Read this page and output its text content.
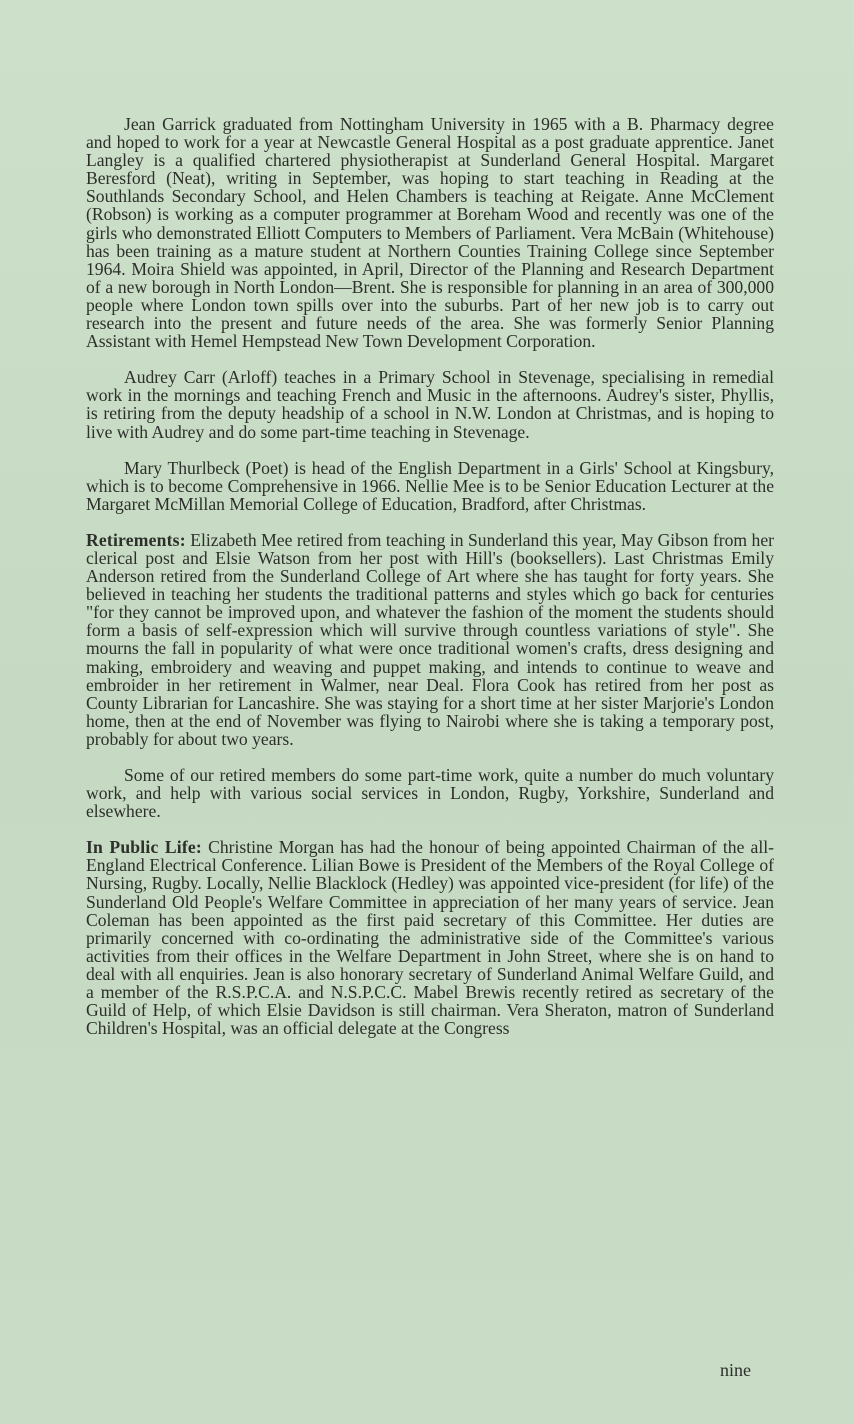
Jean Garrick graduated from Nottingham University in 1965 with a B. Pharmacy degree and hoped to work for a year at Newcastle General Hospital as a post graduate apprentice. Janet Langley is a qualified chartered physiotherapist at Sunderland General Hospital. Margaret Beresford (Neat), writing in September, was hoping to start teaching in Reading at the Southlands Secondary School, and Helen Chambers is teaching at Reigate. Anne McClement (Robson) is working as a computer programmer at Boreham Wood and recently was one of the girls who demonstrated Elliott Computers to Members of Parliament. Vera McBain (Whitehouse) has been training as a mature student at Northern Counties Training College since September 1964. Moira Shield was appointed, in April, Director of the Planning and Research Department of a new borough in North London—Brent. She is responsible for planning in an area of 300,000 people where London town spills over into the suburbs. Part of her new job is to carry out research into the present and future needs of the area. She was formerly Senior Planning Assistant with Hemel Hempstead New Town Development Corporation.

Audrey Carr (Arloff) teaches in a Primary School in Stevenage, specialising in remedial work in the mornings and teaching French and Music in the afternoons. Audrey's sister, Phyllis, is retiring from the deputy headship of a school in N.W. London at Christmas, and is hoping to live with Audrey and do some part-time teaching in Stevenage.

Mary Thurlbeck (Poet) is head of the English Department in a Girls' School at Kingsbury, which is to become Comprehensive in 1966. Nellie Mee is to be Senior Education Lecturer at the Margaret McMillan Memorial College of Education, Bradford, after Christmas.

Retirements: Elizabeth Mee retired from teaching in Sunderland this year, May Gibson from her clerical post and Elsie Watson from her post with Hill's (booksellers). Last Christmas Emily Anderson retired from the Sunderland College of Art where she has taught for forty years. She believed in teaching her students the traditional patterns and styles which go back for centuries "for they cannot be improved upon, and whatever the fashion of the moment the students should form a basis of self-expression which will survive through countless variations of style". She mourns the fall in popularity of what were once traditional women's crafts, dress designing and making, embroidery and weaving and puppet making, and intends to continue to weave and embroider in her retirement in Walmer, near Deal. Flora Cook has retired from her post as County Librarian for Lancashire. She was staying for a short time at her sister Marjorie's London home, then at the end of November was flying to Nairobi where she is taking a temporary post, probably for about two years.

Some of our retired members do some part-time work, quite a number do much voluntary work, and help with various social services in London, Rugby, Yorkshire, Sunderland and elsewhere.

In Public Life: Christine Morgan has had the honour of being appointed Chairman of the all-England Electrical Conference. Lilian Bowe is President of the Members of the Royal College of Nursing, Rugby. Locally, Nellie Blacklock (Hedley) was appointed vice-president (for life) of the Sunderland Old People's Welfare Committee in appreciation of her many years of service. Jean Coleman has been appointed as the first paid secretary of this Committee. Her duties are primarily concerned with co-ordinating the administrative side of the Committee's various activities from their offices in the Welfare Department in John Street, where she is on hand to deal with all enquiries. Jean is also honorary secretary of Sunderland Animal Welfare Guild, and a member of the R.S.P.C.A. and N.S.P.C.C. Mabel Brewis recently retired as secretary of the Guild of Help, of which Elsie Davidson is still chairman. Vera Sheraton, matron of Sunderland Children's Hospital, was an official delegate at the Congress

nine
